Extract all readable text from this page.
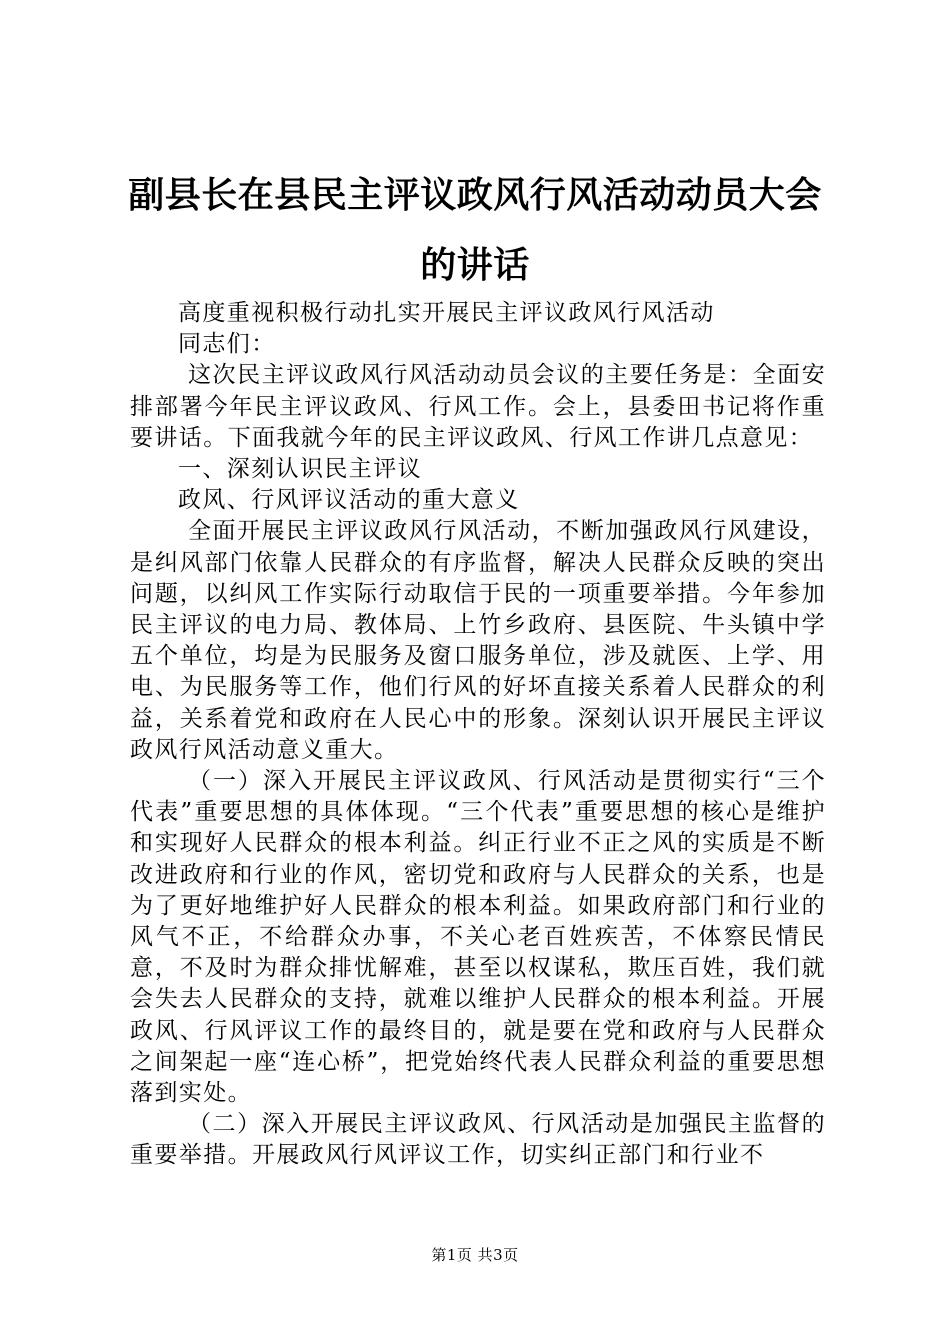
副县长在县民主评议政风行风活动动员大会的讲话

高度重视积极行动扎实开展民主评议政风行风活动

同志们：

这次民主评议政风行风活动动员会议的主要任务是：全面安排部署今年民主评议政风、行风工作。会上，县委田书记将作重要讲话。下面我就今年的民主评议政风、行风工作讲几点意见：

一、深刻认识民主评议

政风、行风评议活动的重大意义

全面开展民主评议政风行风活动，不断加强政风行风建设，是纠风部门依靠人民群众的有序监督，解决人民群众反映的突出问题，以纠风工作实际行动取信于民的一项重要举措。今年参加民主评议的电力局、教体局、上竹乡政府、县医院、牛头镇中学五个单位，均是为民服务及窗口服务单位，涉及就医、上学、用电、为民服务等工作，他们行风的好坏直接关系着人民群众的利益，关系着党和政府在人民心中的形象。深刻认识开展民主评议政风行风活动意义重大。

（一）深入开展民主评议政风、行风活动是贯彻实行“三个代表”重要思想的具体体现。“三个代表”重要思想的核心是维护和实现好人民群众的根本利益。纠正行业不正之风的实质是不断改进政府和行业的作风，密切党和政府与人民群众的关系，也是为了更好地维护好人民群众的根本利益。如果政府部门和行业的风气不正，不给群众办事，不关心老百姓疾苦，不体察民情民意，不及时为群众排忧解难，甚至以权谋私，欺压百姓，我们就会失去人民群众的支持，就难以维护人民群众的根本利益。开展政风、行风评议工作的最终目的，就是要在党和政府与人民群众之间架起一座“连心桥”，把党始终代表人民群众利益的重要思想落到实处。

（二）深入开展民主评议政风、行风活动是加强民主监督的重要举措。开展政风行风评议工作，切实纠正部门和行业不

第1页 共3页
